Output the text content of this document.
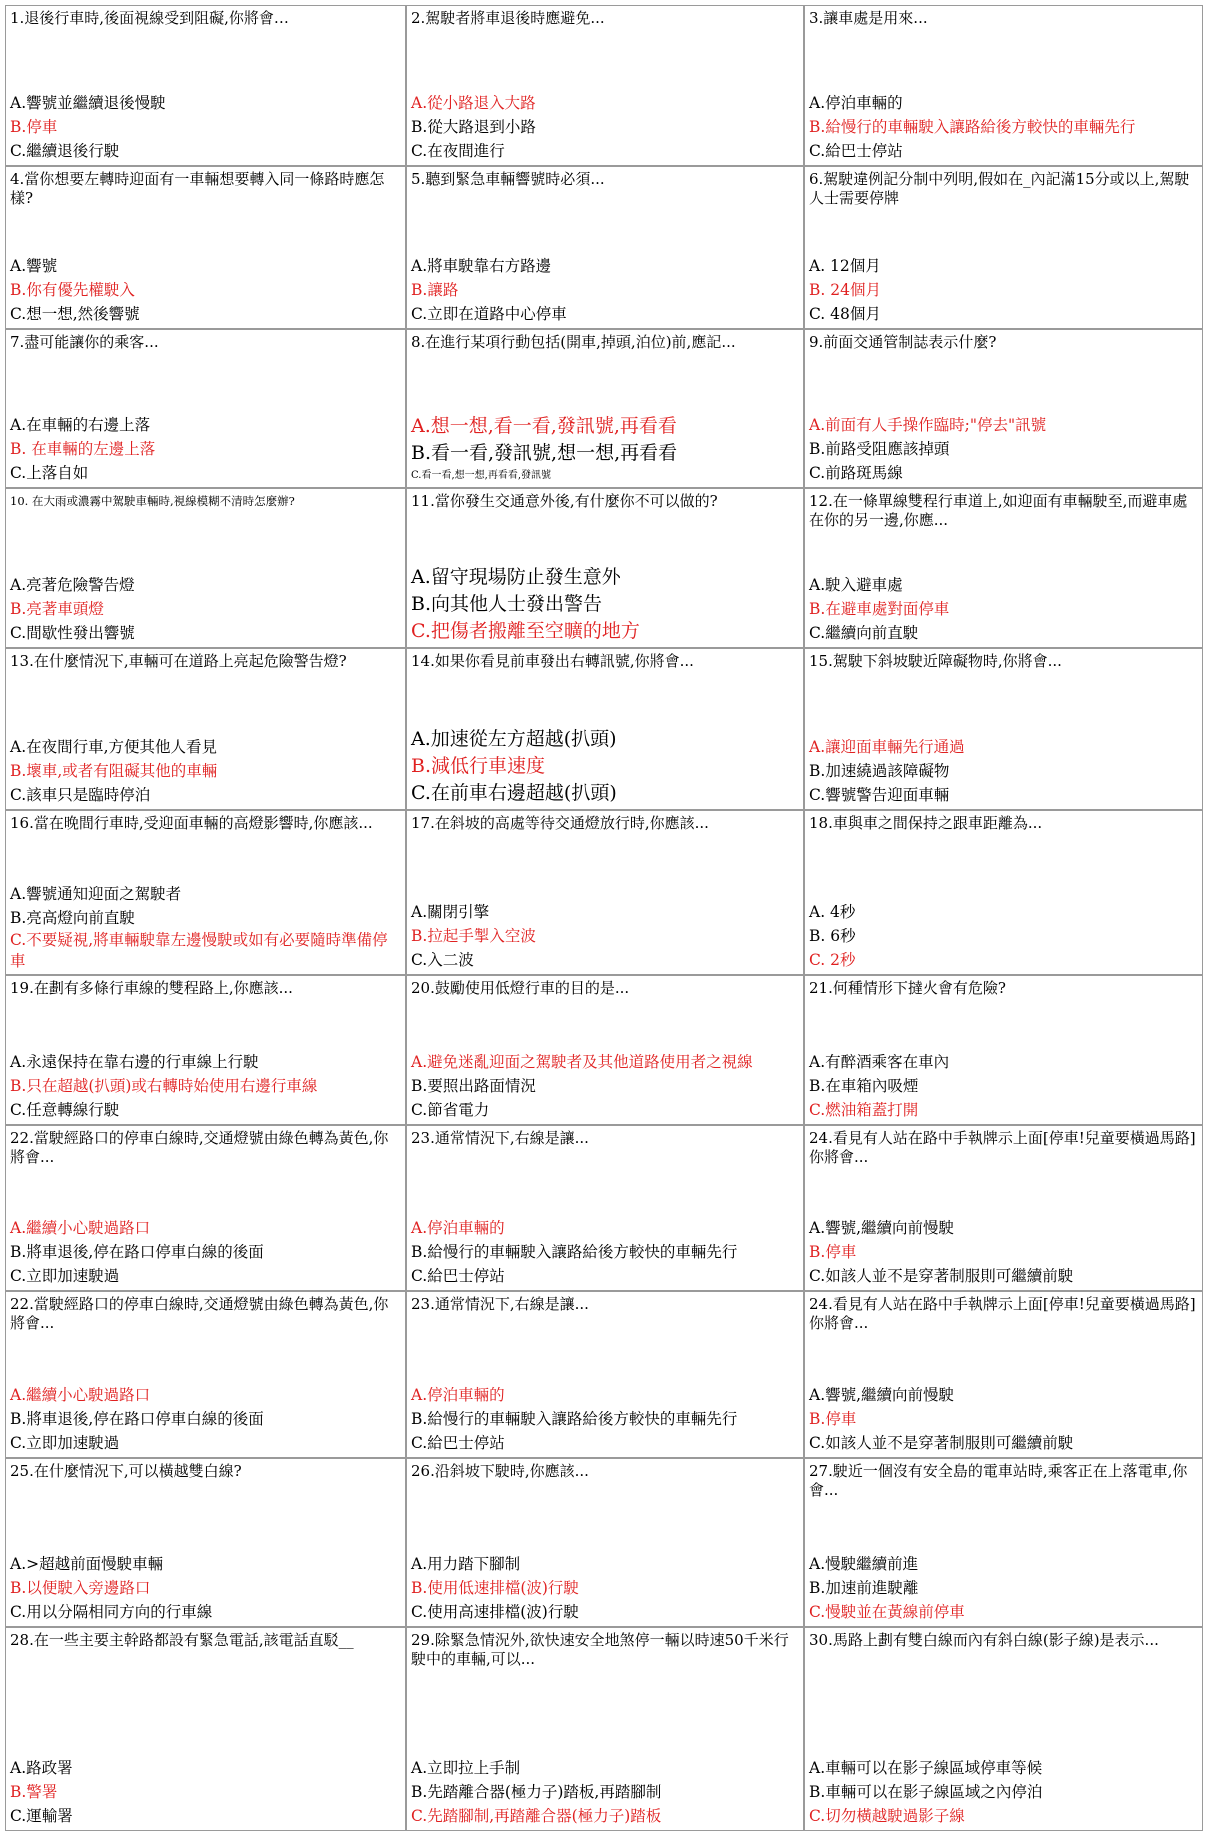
1.退後行車時,後面視線受到阻礙,你將會…
A.響號並繼續退後慢駛
B.停車
C.繼續退後行駛
2.駕駛者將車退後時應避免...
A.從小路退入大路
B.從大路退到小路
C.在夜間進行
3.讓車處是用來...
A.停泊車輛的
B.給慢行的車輛駛入讓路給後方較快的車輛先行
C.給巴士停站
4.當你想要左轉時迎面有一車輛想要轉入同一條路時應怎樣?
A.響號
B.你有優先權駛入
C.想一想,然後響號
5.聽到緊急車輛響號時必須...
A.將車駛靠右方路邊
B.讓路
C.立即在道路中心停車
6.駕駛違例記分制中列明,假如在_內記滿15分或以上,駕駛人士需要停牌
A. 12個月
B. 24個月
C. 48個月
7.盡可能讓你的乘客...
A.在車輛的右邊上落
B. 在車輛的左邊上落
C.上落自如
8.在進行某項行動包括(開車,掉頭,泊位)前,應記...
A.想一想,看一看,發訊號,再看看
B.看一看,發訊號,想一想,再看看
C.看一看,想一想,再看看,發訊號
9.前面交通管制誌表示什麼?
A.前面有人手操作臨時;"停去"訊號
B.前路受阻應該掉頭
C.前路斑馬線
10. 在大雨或濃霧中駕駛車輛時,視線模糊不清時怎麼辦?
A.亮著危險警告燈
B.亮著車頭燈
C.間歇性發出響號
11.當你發生交通意外後,有什麼你不可以做的?
A.留守現場防止發生意外
B.向其他人士發出警告
C.把傷者搬離至空曠的地方
12.在一條單線雙程行車道上,如迎面有車輛駛至,而避車處在你的另一邊,你應...
A.駛入避車處
B.在避車處對面停車
C.繼續向前直駛
13.在什麼情況下,車輛可在道路上亮起危險警告燈?
A.在夜間行車,方便其他人看見
B.壞車,或者有阻礙其他的車輛
C.該車只是臨時停泊
14.如果你看見前車發出右轉訊號,你將會...
A.加速從左方超越(扒頭)
B.減低行車速度
C.在前車右邊超越(扒頭)
15.駕駛下斜坡駛近障礙物時,你將會...
A.讓迎面車輛先行通過
B.加速繞過該障礙物
C.響號警告迎面車輛
16.當在晚間行車時,受迎面車輛的高燈影響時,你應該...
A.響號通知迎面之駕駛者
B.亮高燈向前直駛
C.不要疑視,將車輛駛靠左邊慢駛或如有必要隨時準備停車
17.在斜坡的高處等待交通燈放行時,你應該...
A.關閉引擎
B.拉起手掣入空波
C.入二波
18.車與車之間保持之跟車距離為...
A. 4秒
B. 6秒
C. 2秒
19.在劃有多條行車線的雙程路上,你應該...
A.永遠保持在靠右邊的行車線上行駛
B.只在超越(扒頭)或右轉時始使用右邊行車線
C.任意轉線行駛
20.鼓勵使用低燈行車的目的是...
A.避免迷亂迎面之駕駛者及其他道路使用者之視線
B.要照出路面情況
C.節省電力
21.何種情形下撻火會有危險?
A.有醉酒乘客在車內
B.在車箱內吸煙
C.燃油箱蓋打開
22.當駛經路口的停車白線時,交通燈號由綠色轉為黃色,你將會...
A.繼續小心駛過路口
B.將車退後,停在路口停車白線的後面
C.立即加速駛過
23.通常情況下,右線是讓...
A.停泊車輛的
B.給慢行的車輛駛入讓路給後方較快的車輛先行
C.給巴士停站
24.看見有人站在路中手執牌示上面[停車!兒童要橫過馬路]你將會...
A.響號,繼續向前慢駛
B.停車
C.如該人並不是穿著制服則可繼續前駛
22.當駛經路口的停車白線時,交通燈號由綠色轉為黃色,你將會...
A.繼續小心駛過路口
B.將車退後,停在路口停車白線的後面
C.立即加速駛過
23.通常情況下,右線是讓...
A.停泊車輛的
B.給慢行的車輛駛入讓路給後方較快的車輛先行
C.給巴士停站
24.看見有人站在路中手執牌示上面[停車!兒童要橫過馬路]你將會...
A.響號,繼續向前慢駛
B.停車
C.如該人並不是穿著制服則可繼續前駛
25.在什麼情況下,可以橫越雙白線?
A.>超越前面慢駛車輛
B.以便駛入旁邊路口
C.用以分隔相同方向的行車線
26.沿斜坡下駛時,你應該...
A.用力踏下腳制
B.使用低速排檔(波)行駛
C.使用高速排檔(波)行駛
27.駛近一個沒有安全島的電車站時,乘客正在上落電車,你會...
A.慢駛繼續前進
B.加速前進駛離
C.慢駛並在黃線前停車
28.在一些主要主幹路都設有緊急電話,該電話直駁__
A.路政署
B.警署
C.運輸署
29.除緊急情況外,欲快速安全地煞停一輛以時速50千米行駛中的車輛,可以...
A.立即拉上手制
B.先踏離合器(極力子)踏板,再踏腳制
C.先踏腳制,再踏離合器(極力子)踏板
30.馬路上劃有雙白線而內有斜白線(影子線)是表示...
A.車輛可以在影子線區域停車等候
B.車輛可以在影子線區域之內停泊
C.切勿橫越駛過影子線
